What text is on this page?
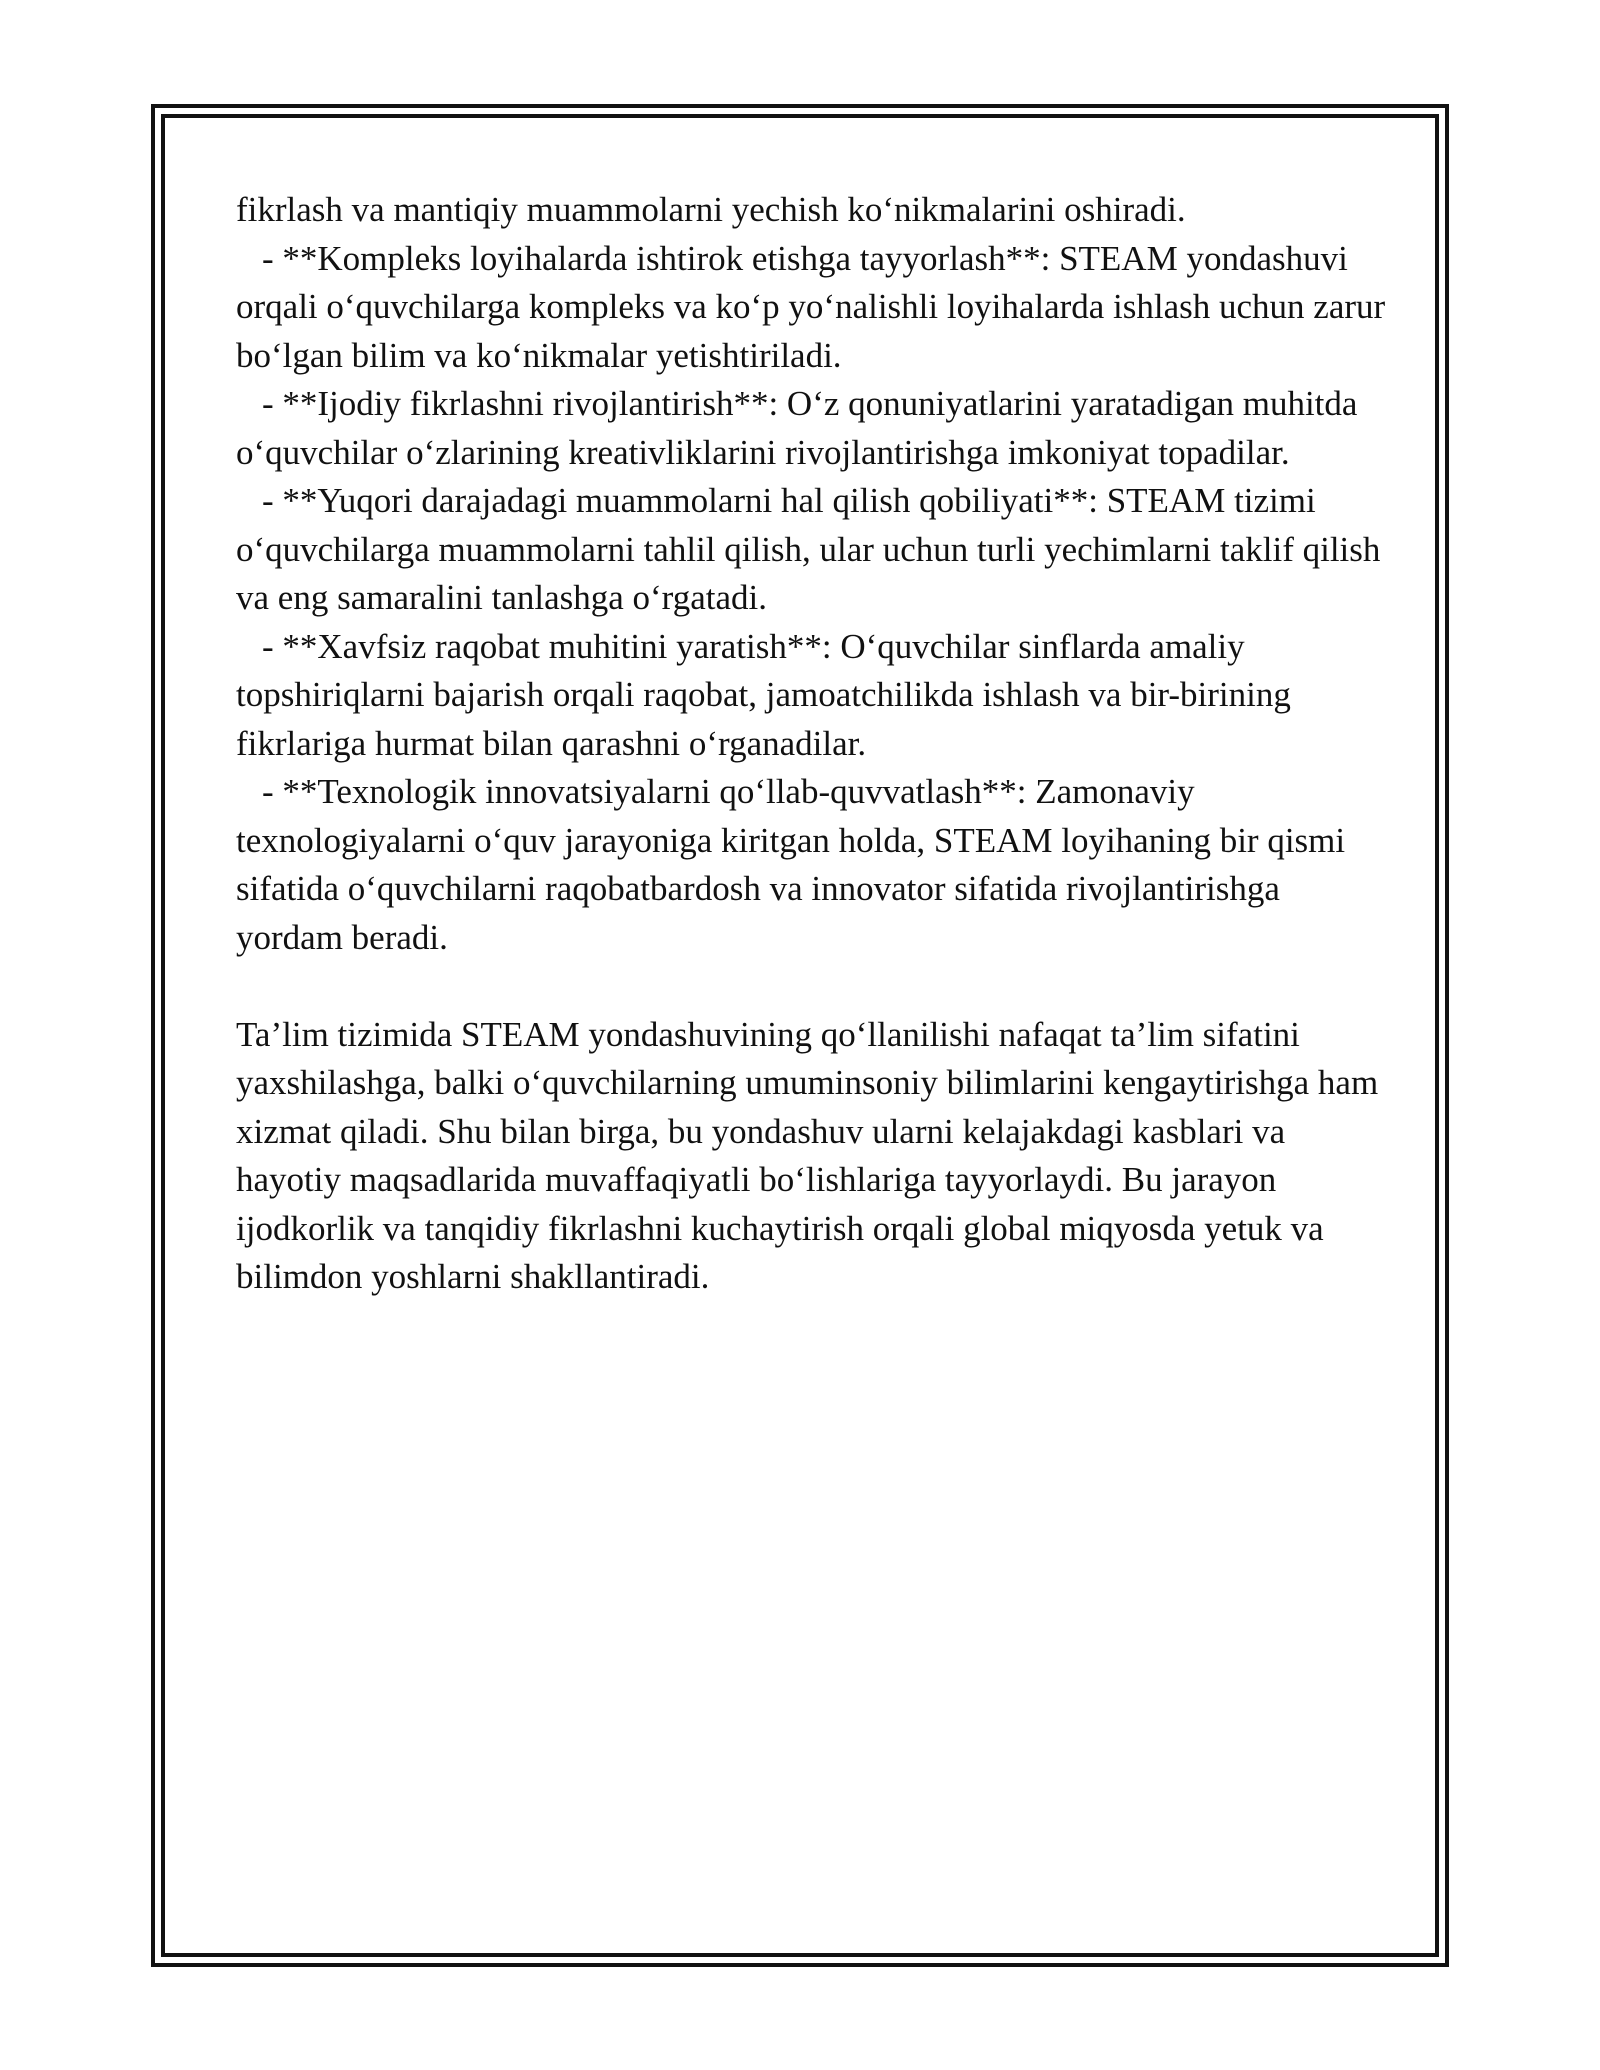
fikrlash va mantiqiy muammolarni yechish koʻnikmalarini oshiradi.

- **Kompleks loyihalarda ishtirok etishga tayyorlash**: STEAM yondashuvi orqali oʻquvchilarga kompleks va koʻp yoʻnalishli loyihalarda ishlash uchun zarur boʻlgan bilim va koʻnikmalar yetishtiriladi.

- **Ijodiy fikrlashni rivojlantirish**: Oʻz qonuniyatlarini yaratadigan muhitda oʻquvchilar oʻzlarining kreativliklarini rivojlantirishga imkoniyat topadilar.

- **Yuqori darajadagi muammolarni hal qilish qobiliyati**: STEAM tizimi oʻquvchilarga muammolarni tahlil qilish, ular uchun turli yechimlarni taklif qilish va eng samaralini tanlashga oʻrgatadi.

- **Xavfsiz raqobat muhitini yaratish**: Oʻquvchilar sinflarda amaliy topshiriqlarni bajarish orqali raqobat, jamoatchilikda ishlash va bir-birining fikrlariga hurmat bilan qarashni oʻrganadilar.

- **Texnologik innovatsiyalarni qoʻllab-quvvatlash**: Zamonaviy texnologiyalarni oʻquv jarayoniga kiritgan holda, STEAM loyihaning bir qismi sifatida oʻquvchilarni raqobatbardosh va innovator sifatida rivojlantirishga yordam beradi.

Ta’lim tizimida STEAM yondashuvining qoʻllanilishi nafaqat ta’lim sifatini yaxshilashga, balki oʻquvchilarning umuminsoniy bilimlarini kengaytirishga ham xizmat qiladi. Shu bilan birga, bu yondashuv ularni kelajakdagi kasblari va hayotiy maqsadlarida muvaffaqiyatli boʻlishlariga tayyorlaydi. Bu jarayon ijodkorlik va tanqidiy fikrlashni kuchaytirish orqali global miqyosda yetuk va bilimdon yoshlarni shakllantiradi.
